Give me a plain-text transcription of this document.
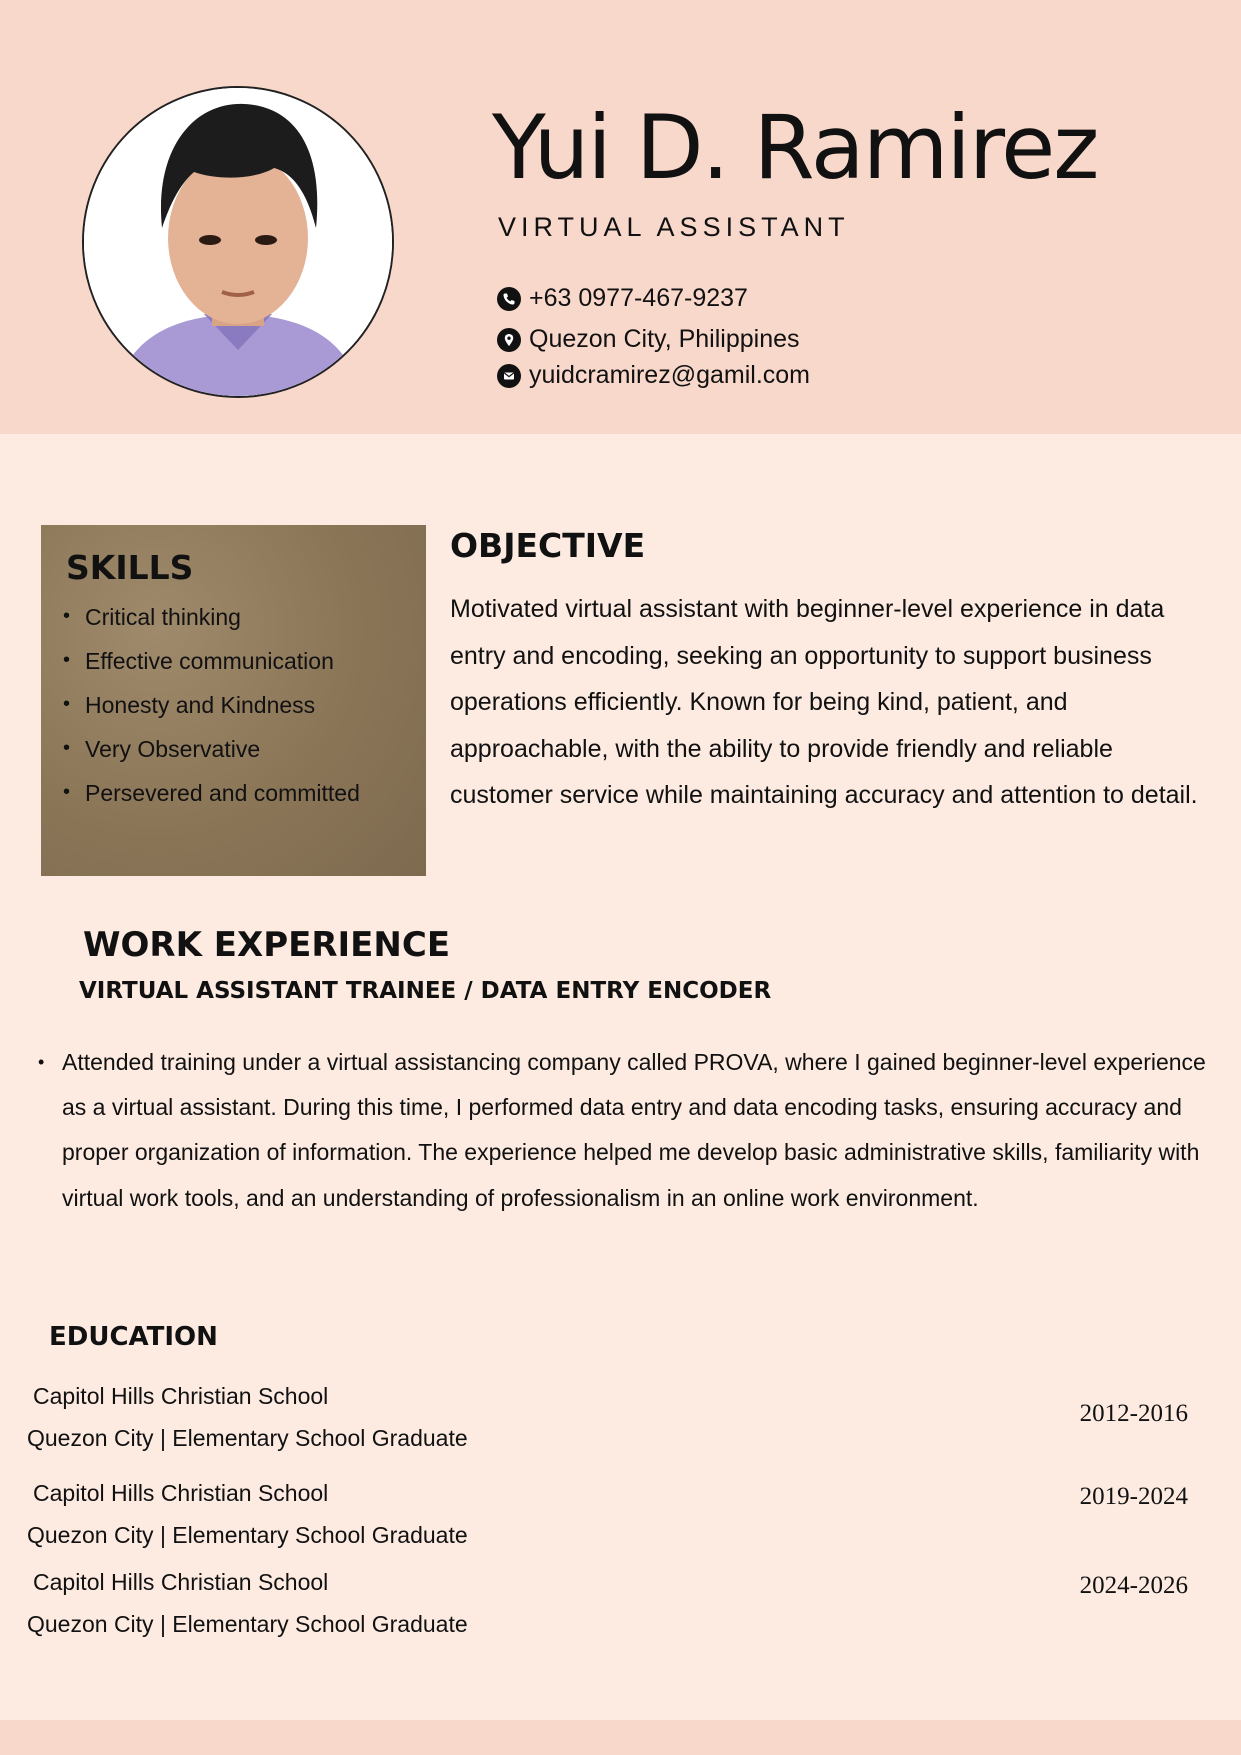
Yui D. Ramirez
VIRTUAL ASSISTANT
+63 0977-467-9237
Quezon City, Philippines
yuidcramirez@gamil.com
SKILLS
• Critical thinking
• Effective communication
• Honesty and Kindness
• Very Observative
• Persevered and committed
OBJECTIVE
Motivated virtual assistant with beginner-level experience in data entry and encoding, seeking an opportunity to support business operations efficiently. Known for being kind, patient, and approachable, with the ability to provide friendly and reliable customer service while maintaining accuracy and attention to detail.
WORK EXPERIENCE
VIRTUAL ASSISTANT TRAINEE / DATA ENTRY ENCODER
• Attended training under a virtual assistancing company called PROVA, where I gained beginner-level experience as a virtual assistant. During this time, I performed data entry and data encoding tasks, ensuring accuracy and proper organization of information. The experience helped me develop basic administrative skills, familiarity with virtual work tools, and an understanding of professionalism in an online work environment.
EDUCATION
Capitol Hills Christian School
Quezon City | Elementary School Graduate
2012-2016
Capitol Hills Christian School
Quezon City | Elementary School Graduate
2019-2024
Capitol Hills Christian School
Quezon City | Elementary School Graduate
2024-2026
